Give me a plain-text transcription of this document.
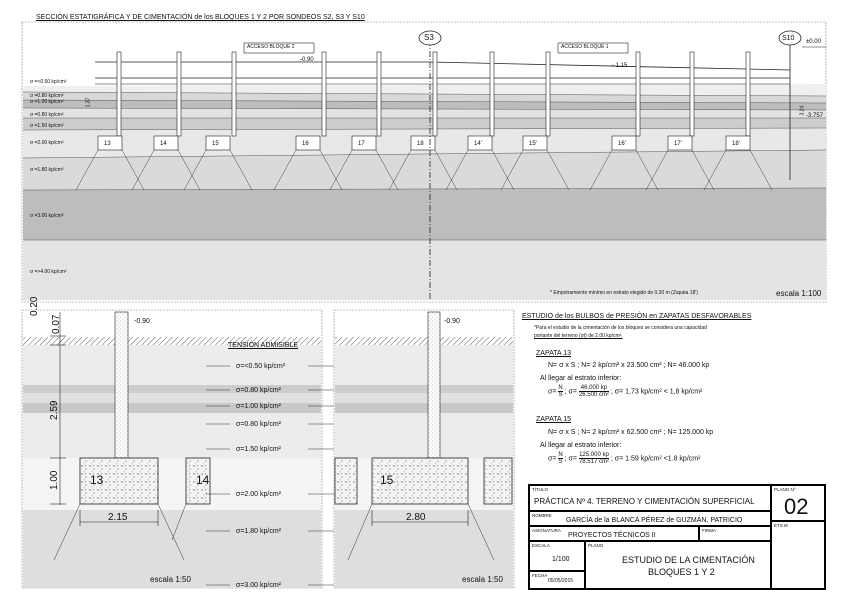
SECCIÓN ESTATIGRÁFICA Y DE CIMENTACIÓN de los BLOQUES 1 Y 2 POR SONDEOS S2, S3 Y S10
ACCESO BLOQUE 2	ACCESO BLOQUE 1
S3	S10 ±0.00
-0.90
- 1.15
-3.757
1.37
3.24
σ =<0.50 kp/cm²
σ =0.80 kp/cm²
σ =1.00 kp/cm²
σ =0.80 kp/cm²
σ =1.50 kp/cm²
σ =2.00 kp/cm²
σ =1.80 kp/cm²
σ =3.00 kp/cm²
σ =>4.00 kp/cm²
13	14	15	16	17	18	14'	15'	16'	17'	18'
* Empotramiento mínimo en estrato elegido de 0.30 m (Zapata 18')	escala 1:100
0.20
0.07
2.59
1.00
-0.90
13	14
2.15
escala 1:50
TENSIÓN ADMISIBLE
σ=<0.50 kp/cm²
σ=0.80 kp/cm²
σ=1.00 kp/cm²
σ=0.80 kp/cm²
σ=1.50 kp/cm²
σ=2.00 kp/cm²
σ=1.80 kp/cm²
σ=3.00 kp/cm²
-0.90
15
2.80
escala 1:50
ESTUDIO de los BULBOS de PRESIÓN en ZAPATAS DESFAVORABLES
*Para el estudio de la cimentación de los bloques se considera una capacidad
portante del terreno (σt) de 2.00 kp/cm².
ZAPATA 13
N= σ x S ; N= 2 kp/cm² x 23.500 cm² ; N= 46.000 kp
Al llegar al estrato inferior:
$\sigma= \frac{N}{S}$ ; $\sigma= \frac{46.000 kp}{\text{26.500 cm²}}$ ; σ= 1,73 kp/cm² < 1,8 kp/cm²
ZAPATA 15
N= σ x S ; N= 2 kp/cm² x 62.500 cm² ; N= 125.000 kp
Al llegar al estrato inferior:
$\sigma= \frac{N}{S}$ ; $\sigma= \frac{125.000 kp}{\text{78.517 cm²}}$ ; σ= 1.59 kp/cm² <1.8 kp/cm²
TÍTULO
PRÁCTICA Nº 4. TERRENO Y CIMENTACIÓN SUPERFICIAL
PLANO Nº
02
NOMBRE
GARCÍA de la BLANCA PÉREZ de GUZMÁN, PATRICIO
ASIGNATURA
PROYECTOS TÉCNICOS II
FIRMA
ETS IE
ESCALA
1/100
PLANO
ESTUDIO DE LA CIMENTACIÓN
BLOQUES 1 Y 2
FECHA
05/05/2015
